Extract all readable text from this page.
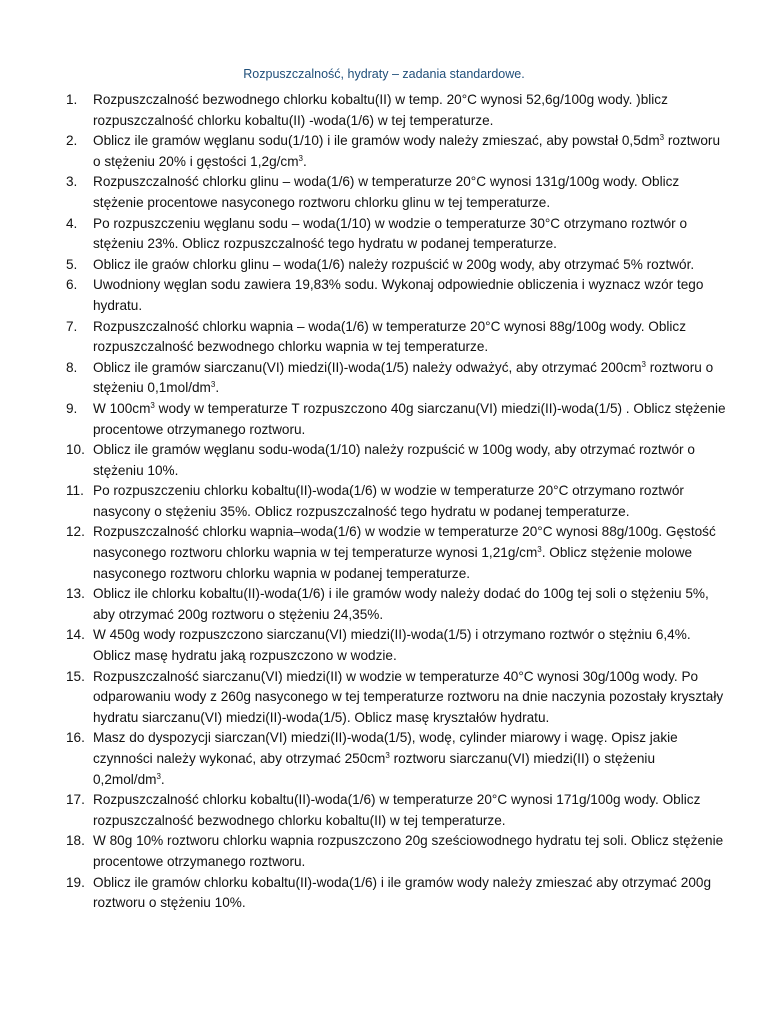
Rozpuszczalność, hydraty – zadania standardowe.
1.	Rozpuszczalność bezwodnego chlorku kobaltu(II) w temp. 20°C wynosi 52,6g/100g wody. )blicz rozpuszczalność chlorku kobaltu(II) -woda(1/6) w tej temperaturze.
2.	Oblicz ile gramów węglanu sodu(1/10) i ile gramów wody należy zmieszać, aby powstał $0,5dm^3$ roztworu o stężeniu 20% i gęstości $1,2g/cm^3$.
3.	Rozpuszczalność chlorku glinu – woda(1/6) w temperaturze 20°C wynosi 131g/100g wody. Oblicz stężenie procentowe nasyconego roztworu chlorku glinu w tej temperaturze.
4.	Po rozpuszczeniu węglanu sodu – woda(1/10) w wodzie o temperaturze 30°C otrzymano roztwór o stężeniu 23%. Oblicz rozpuszczalność tego hydratu w podanej temperaturze.
5.	Oblicz ile graów chlorku glinu – woda(1/6) należy rozpuścić w 200g wody, aby otrzymać 5% roztwór.
6.	Uwodniony węglan sodu zawiera 19,83% sodu. Wykonaj odpowiednie obliczenia i wyznacz wzór tego hydratu.
7.	Rozpuszczalność chlorku wapnia – woda(1/6) w temperaturze 20°C wynosi 88g/100g wody. Oblicz rozpuszczalność bezwodnego chlorku wapnia w tej temperaturze.
8.	Oblicz ile gramów siarczanu(VI) miedzi(II)-woda(1/5) należy odważyć, aby otrzymać $200cm^3$ roztworu o stężeniu $0,1mol/dm^3$.
9.	W $100cm^3$ wody w temperaturze T rozpuszczono 40g siarczanu(VI) miedzi(II)-woda(1/5) . Oblicz stężenie procentowe otrzymanego roztworu.
10. Oblicz ile gramów węglanu sodu-woda(1/10) należy rozpuścić w 100g wody, aby otrzymać roztwór o stężeniu 10%.
11. Po rozpuszczeniu chlorku kobaltu(II)-woda(1/6) w wodzie w temperaturze 20°C otrzymano roztwór nasycony o stężeniu 35%. Oblicz rozpuszczalność tego hydratu w podanej temperaturze.
12. Rozpuszczalność chlorku wapnia–woda(1/6) w wodzie w temperaturze 20°C wynosi 88g/100g. Gęstość nasyconego roztworu chlorku wapnia w tej temperaturze wynosi $1,21g/cm^3$. Oblicz stężenie molowe nasyconego roztworu chlorku wapnia w podanej temperaturze.
13. Oblicz ile chlorku kobaltu(II)-woda(1/6) i ile gramów wody należy dodać do 100g tej soli o stężeniu 5%, aby otrzymać 200g roztworu o stężeniu 24,35%.
14. W 450g wody rozpuszczono siarczanu(VI) miedzi(II)-woda(1/5) i otrzymano roztwór o stężniu 6,4%. Oblicz masę hydratu jaką rozpuszczono w wodzie.
15. Rozpuszczalność siarczanu(VI) miedzi(II) w wodzie w temperaturze 40°C wynosi 30g/100g wody. Po odparowaniu wody z 260g nasyconego w tej temperaturze roztworu na dnie naczynia pozostały kryształy hydratu siarczanu(VI) miedzi(II)-woda(1/5). Oblicz masę kryształów hydratu.
16. Masz do dyspozycji siarczan(VI) miedzi(II)-woda(1/5), wodę, cylinder miarowy i wagę. Opisz jakie czynności należy wykonać, aby otrzymać $250cm^3$ roztworu siarczanu(VI) miedzi(II) o stężeniu $0,2mol/dm^3$.
17. Rozpuszczalność chlorku kobaltu(II)-woda(1/6) w temperaturze 20°C wynosi 171g/100g wody. Oblicz rozpuszczalność bezwodnego chlorku kobaltu(II) w tej temperaturze.
18. W 80g 10% roztworu chlorku wapnia rozpuszczono 20g sześciowodnego hydratu tej soli. Oblicz stężenie procentowe otrzymanego roztworu.
19. Oblicz ile gramów chlorku kobaltu(II)-woda(1/6) i ile gramów wody należy zmieszać aby otrzymać 200g roztworu o stężeniu 10%.
